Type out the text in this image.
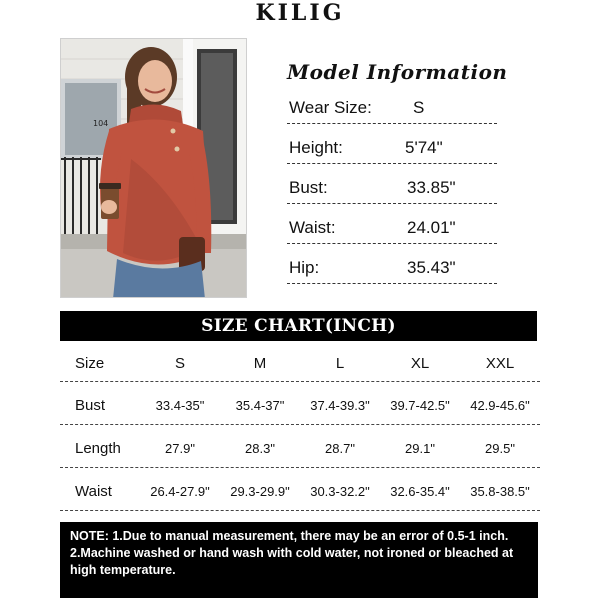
KILIG
104
Model Information
Wear Size: S
Height:	5'74"
Bust:	33.85"
Waist:	24.01"
Hip:	35.43"
SIZE CHART(INCH)
Size	S	M	L	XL	XXL
Bust	33.4-35"	35.4-37"	37.4-39.3"	39.7-42.5"	42.9-45.6"
Length	27.9"	28.3"	28.7"	29.1"	29.5"
Waist	26.4-27.9"	29.3-29.9"	30.3-32.2"	32.6-35.4"	35.8-38.5"
NOTE: 1.Due to manual measurement, there may be an error of 0.5-1 inch.
2.Machine washed or hand wash with cold water, not ironed or bleached at
high temperature.
